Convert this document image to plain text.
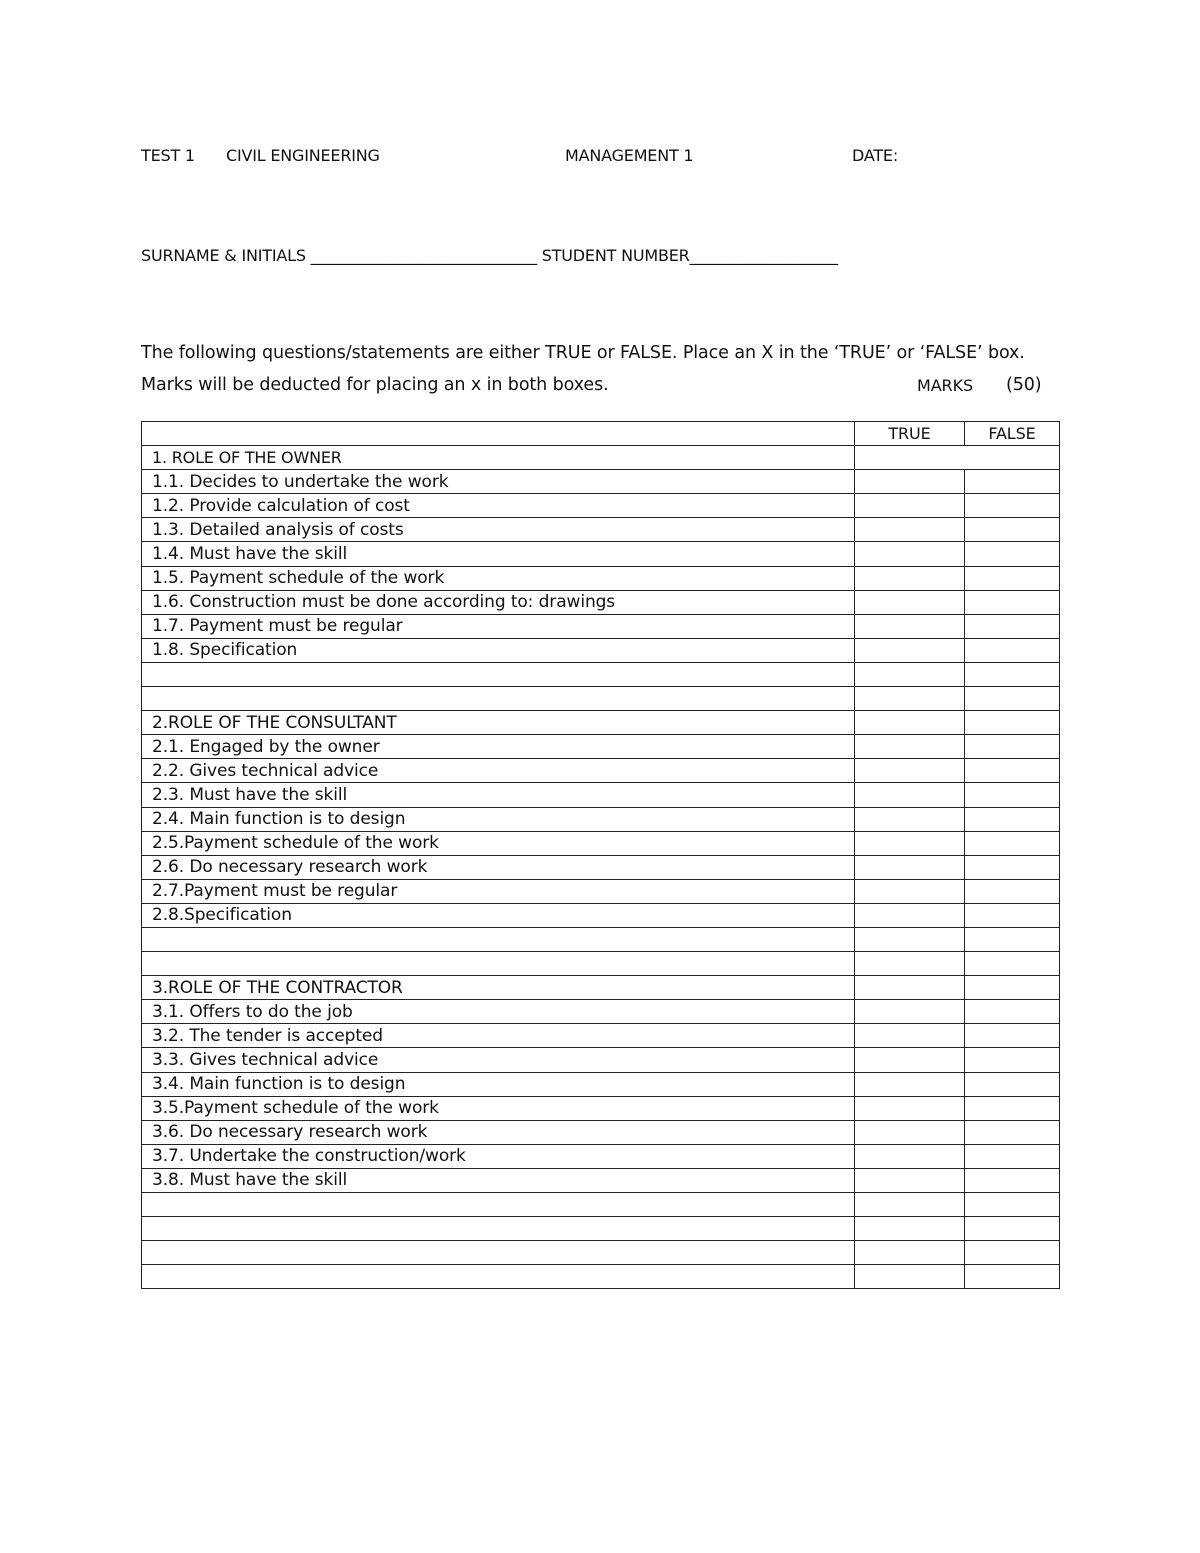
TEST 1 CIVIL ENGINEERING	MANAGEMENT 1	DATE:
SURNAME & INITIALS _____________________________ STUDENT NUMBER___________________
The following questions/statements are either TRUE or FALSE. Place an X in the ‘TRUE’ or ‘FALSE’ box.
Marks will be deducted for placing an x in both boxes.	MARKS (50)
	TRUE	FALSE
1. ROLE OF THE OWNER		
1.1. Decides to undertake the work		
1.2. Provide calculation of cost		
1.3. Detailed analysis of costs		
1.4. Must have the skill		
1.5. Payment schedule of the work		
1.6. Construction must be done according to: drawings		
1.7. Payment must be regular		
1.8. Specification		

2.ROLE OF THE CONSULTANT		
2.1. Engaged by the owner		
2.2. Gives technical advice		
2.3. Must have the skill		
2.4. Main function is to design		
2.5.Payment schedule of the work		
2.6. Do necessary research work		
2.7.Payment must be regular		
2.8.Specification		

3.ROLE OF THE CONTRACTOR		
3.1. Offers to do the job		
3.2. The tender is accepted		
3.3. Gives technical advice		
3.4. Main function is to design		
3.5.Payment schedule of the work		
3.6. Do necessary research work		
3.7. Undertake the construction/work		
3.8. Must have the skill		
